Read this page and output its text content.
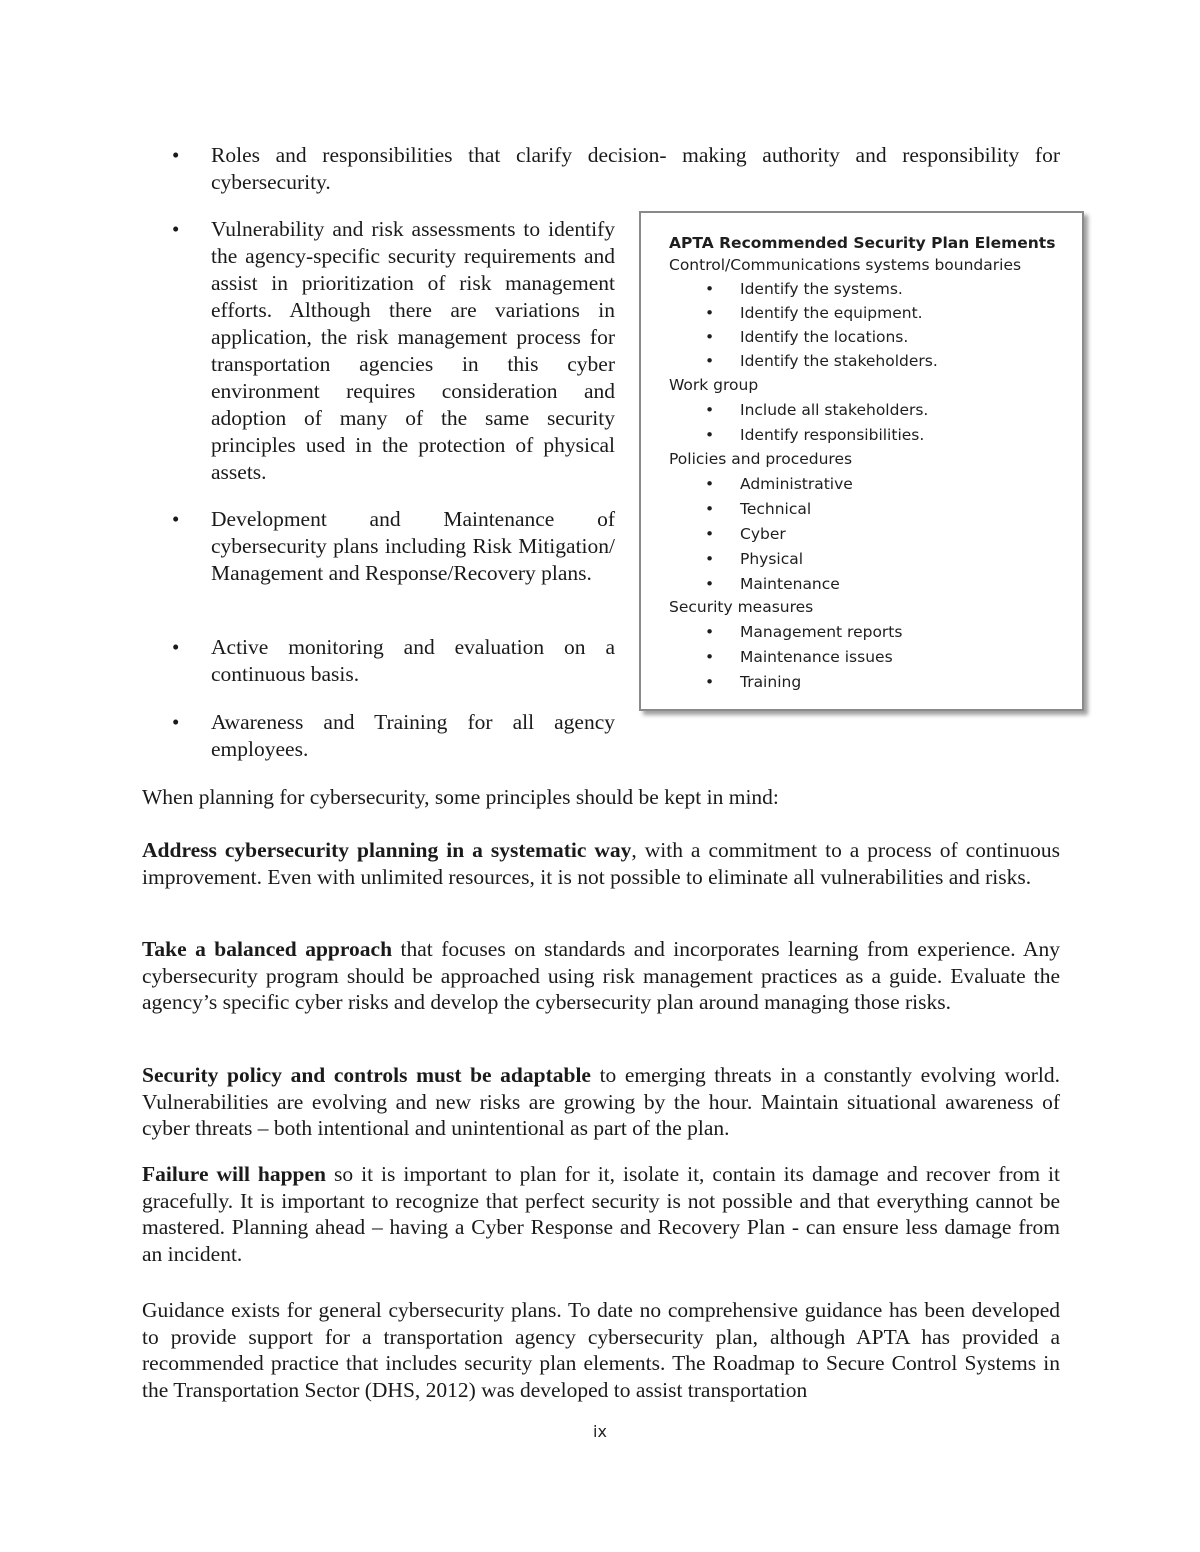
• Roles and responsibilities that clarify decision- making authority and responsibility for cybersecurity.

• Vulnerability and risk assessments to identify the agency-specific security requirements and assist in prioritization of risk management efforts. Although there are variations in application, the risk management process for transportation agencies in this cyber environment requires consideration and adoption of many of the same security principles used in the protection of physical assets.

• Development and Maintenance of cybersecurity plans including Risk Mitigation/ Management and Response/Recovery plans.

• Active monitoring and evaluation on a continuous basis.

• Awareness and Training for all agency employees.

APTA Recommended Security Plan Elements
Control/Communications systems boundaries
• Identify the systems.
• Identify the equipment.
• Identify the locations.
• Identify the stakeholders.
Work group
• Include all stakeholders.
• Identify responsibilities.
Policies and procedures
• Administrative
• Technical
• Cyber
• Physical
• Maintenance
Security measures
• Management reports
• Maintenance issues
• Training

When planning for cybersecurity, some principles should be kept in mind:

Address cybersecurity planning in a systematic way, with a commitment to a process of continuous improvement. Even with unlimited resources, it is not possible to eliminate all vulnerabilities and risks.

Take a balanced approach that focuses on standards and incorporates learning from experience. Any cybersecurity program should be approached using risk management practices as a guide. Evaluate the agency’s specific cyber risks and develop the cybersecurity plan around managing those risks.

Security policy and controls must be adaptable to emerging threats in a constantly evolving world. Vulnerabilities are evolving and new risks are growing by the hour. Maintain situational awareness of cyber threats – both intentional and unintentional as part of the plan.

Failure will happen so it is important to plan for it, isolate it, contain its damage and recover from it gracefully. It is important to recognize that perfect security is not possible and that everything cannot be mastered. Planning ahead – having a Cyber Response and Recovery Plan - can ensure less damage from an incident.

Guidance exists for general cybersecurity plans. To date no comprehensive guidance has been developed to provide support for a transportation agency cybersecurity plan, although APTA has provided a recommended practice that includes security plan elements. The Roadmap to Secure Control Systems in the Transportation Sector (DHS, 2012) was developed to assist transportation

ix
